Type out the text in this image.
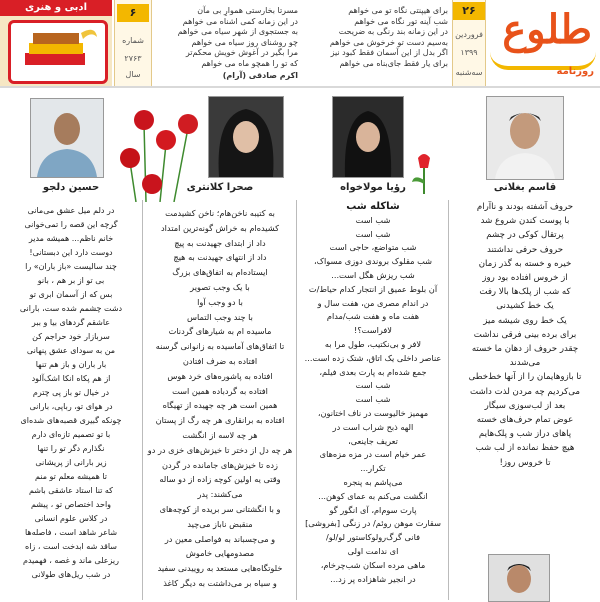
طلوع
روزنامه
۲۶
فروردین
۱۳۹۹
سه‌شنبه
برای هیپنتی نگاه تو می خواهم
شب آینه تور نگاه می خواهم
در این زمانه بند رنگی به ضریحت
به‌سیم دست تو خرخوش می خواهم
اگر بدل از این آسمان فقط کبود نیز
برای یار فقط جای‌بناه می خواهم
مسرتا بخارستی هموارِ بی مآن
در این زمانه کمی اشناه می خواهم
به جستجوی از شهر سیاه می خواهم
چو روشنای روز سیاه می خواهم
مرا بگیر در آغوش خویش محکم‌تر
که تو را همچو ماه می خواهم
اکرم صادقی (آرام)
۶
شماره
۲۷۶۳
سال
ادبی و هنری
قاسم بغلانی
حروف آشفته بودند و ناآرام
با پوست کندن شروع شد
پرتقال کوکی در چشم
حروف حرفی نداشتند
خیره و خسته به گذر زمان
از خروس افتاده بود روز
که شب از پلک‌ها بالا رفت
یک خط کشیدنی
یک خط روی شیشه میز
برای برده بینی فرقی نداشت
چقدر حروف از دهان ما خسته
می‌شدند
تا بازوهایمان را از آنها خط‌خطی
می‌کردیم چه مردن لذت داشت
بعد از لب‌سوزی سیگار
عوض تمام حرف‌های خسته
پاهای دراز شب و پلک‌هایم
هیچ حفظ نمانده از لب شب
تا خروس روز!
رؤیا مولاخواه
شاکله شب
شب است
شب است
شب متواضع، حاجی است
شب مقلوک بروندی دوزی مسواک،
شب ریزش هگل است...
آن بلوط عمیق از انتجار کدام حیاط/ت
در اندام مصری من، هفت سال و
هفت ماه و هفت شب/مدام
لافراست؟!
لافر و بی‌نکتیب، طول مرا به
عناصر داخلی یک اتاق، شتک زده است...
جمع شده‌ام به پارت بعدی فیلم،
شب است
شب است
مهمیز خالیوست در ناف اختانون،
الهه ذبح شراب است در
تعریف جاینعی،
عمر خیام است در مزه مزه‌های
تکرار...
می‌پاشم به پنجره
انگشت می‌کنم به عمای کوهن...
پارت سوم‌ام، آی انگور گو
سقارت موهن روئم/ در زنگی [بفروشی]
فانی گرگ‌رولوکاستور لو/لو/
ای ندامت اولی
ماهی مرده اسکان شب‌چرخام،
در انجیر شاهزاده پر زد...
صحرا کلانتری
به کتیبه ناخن‌هام؛ ناخن کشیدمت
کشیده‌ام به خراش گونه‌ترین امتداد
داد از ابتدای جهیدنت به پیچ
داد از انتهای جهیدنت به هیچ
ایستاده‌ام به اتفاق‌های بزرگ
با یک وجب تصویر
با دو وجب آوا
با چند وجب التماس
ماسیده ام به شیارهای گردنات
تا اتفاق‌های آماسیده به زانوانی گرسنه
افتاده به ضرف افتادن
افتاده به پاشوره‌های خرد هوس
افتاده به گردباده همین است
همین است هر چه جهیده از تهیگاه
افتاده به برانقاری هر چه رگ از پستان
هر چه لاسه از انگشت
هر چه دل از دختر تا خیزش‌های خزی در دو
زده تا خیزش‌های جامانده در گردن
وقتی یه اولین کوچه زاده از دو ساله
می‌کشند: پدر
و با انگشتانی سر بریده از کوچه‌های
منقبض ناباز می‌چید
و می‌چسباند به فواصلی معین در
مصدومهایی خاموش
خلوتگاه‌هایی مستعد به روییدنی سفید
و سیاه بر می‌داشتت به دیگر کاغذ
حسین دلجو
در دلم میل عشق می‌مانی
گرچه این قصه را تمی‌خوانی
خانم ناظم... همیشه مدیر
دوست دارد این دبستانی!
چند سالیست «باز باران» را
بی تو از بر هم ، بانو
بس که از آسمان ابری تو
دشت چشمم شده ست، بارانی
عاشقم گردهای بیا و ببر
سربازار خود حراجم کن
من به سودای عشق پنهانی
بار باران و باز هم تنها
از هم پکاه انکا اشک‌آلود
در خیال تو باز پی چترم
در هوای تو، رباپی، بارانی
چونکه گبیری قصبه‌های شده‌ای
با تو تصمیم تازه‌ای دارم
نگذارم دگر تو را تنها
زیر بارانی از پریشانی
تا همیشه معلم تو منم
که تنا استاد عاشقی باشم
واحد اختصاص تو ، پیشم
در کلاس علوم انسانی
شاعر شاهد است ، فاصله‌ها
ساقد شه ابدخت است ، زاه
ریزعلی ماند و غصه ، فهمیدم
در شب ریل‌های طولانی
